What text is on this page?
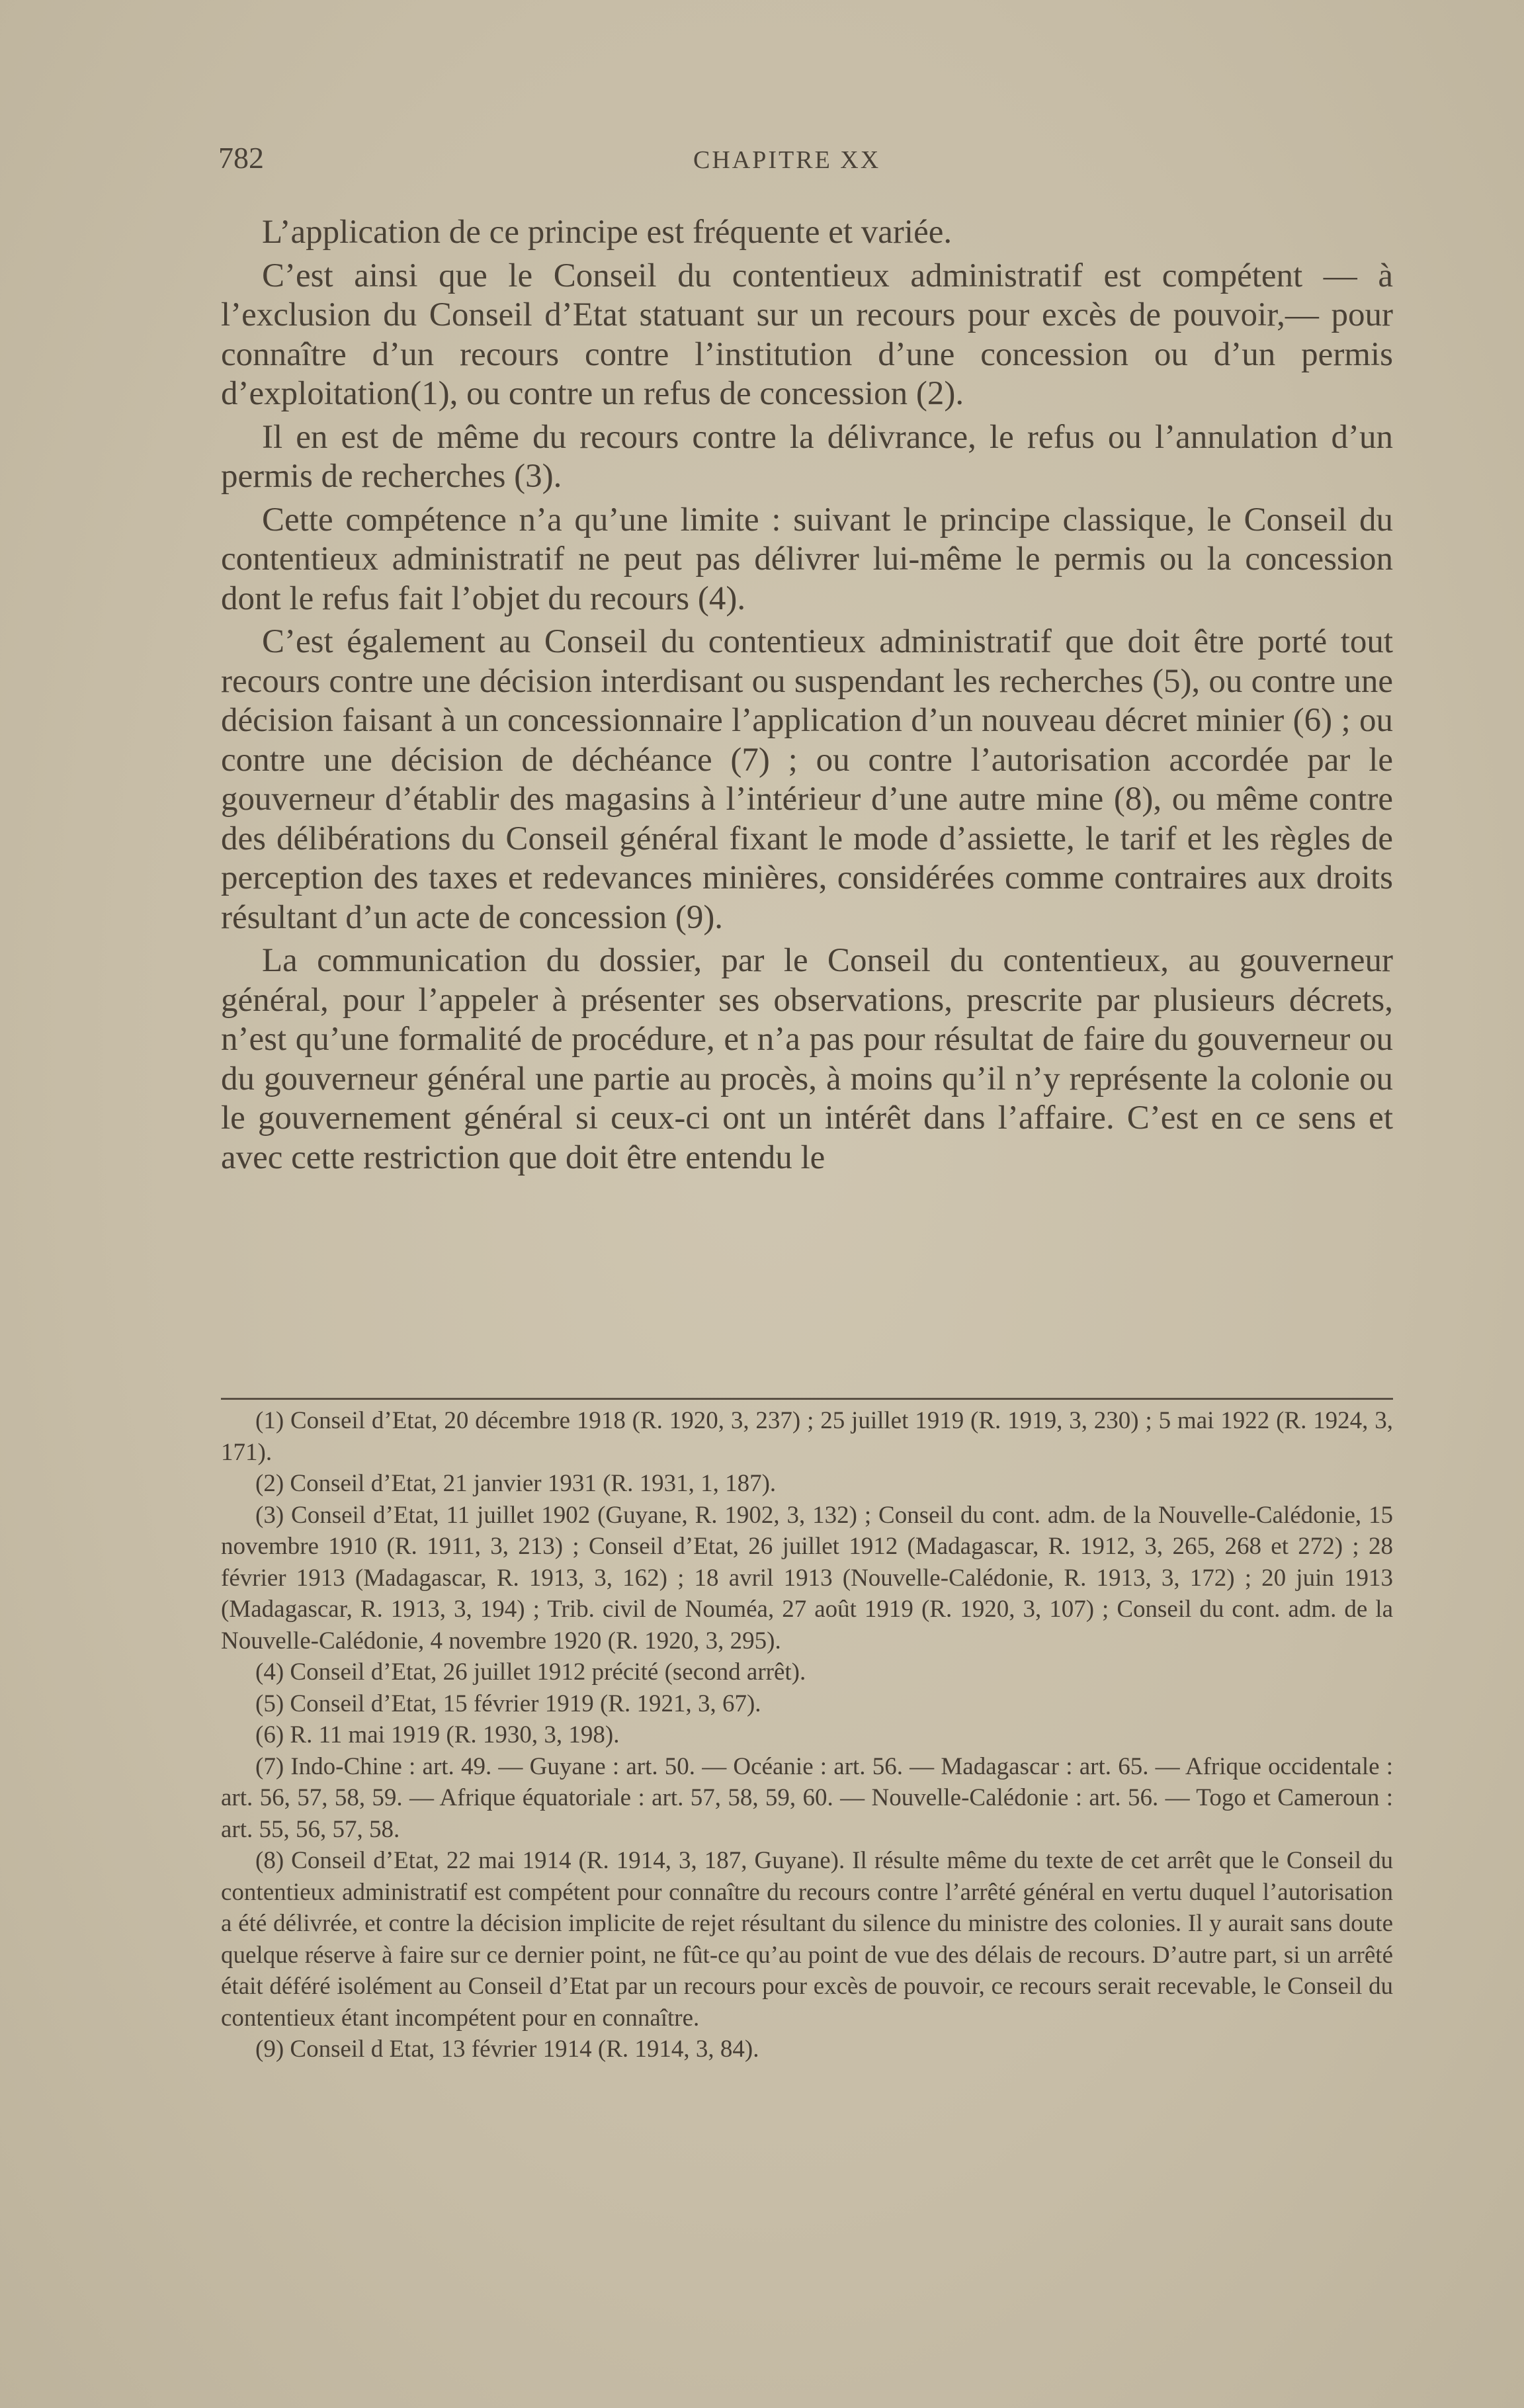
782	CHAPITRE XX

L’application de ce principe est fréquente et variée.

C’est ainsi que le Conseil du contentieux administratif est compétent — à l’exclusion du Conseil d’Etat statuant sur un recours pour excès de pouvoir,— pour connaître d’un recours contre l’institution d’une concession ou d’un permis d’exploitation(1), ou contre un refus de concession (2).

Il en est de même du recours contre la délivrance, le refus ou l’annulation d’un permis de recherches (3).

Cette compétence n’a qu’une limite : suivant le principe classique, le Conseil du contentieux administratif ne peut pas délivrer lui-même le permis ou la concession dont le refus fait l’objet du recours (4).

C’est également au Conseil du contentieux administratif que doit être porté tout recours contre une décision interdisant ou suspendant les recherches (5), ou contre une décision faisant à un concessionnaire l’application d’un nouveau décret minier (6) ; ou contre une décision de déchéance (7) ; ou contre l’autorisation accordée par le gouverneur d’établir des magasins à l’intérieur d’une autre mine (8), ou même contre des délibérations du Conseil général fixant le mode d’assiette, le tarif et les règles de perception des taxes et redevances minières, considérées comme contraires aux droits résultant d’un acte de concession (9).

La communication du dossier, par le Conseil du contentieux, au gouverneur général, pour l’appeler à présenter ses observations, prescrite par plusieurs décrets, n’est qu’une formalité de procédure, et n’a pas pour résultat de faire du gouverneur ou du gouverneur général une partie au procès, à moins qu’il n’y représente la colonie ou le gouvernement général si ceux-ci ont un intérêt dans l’affaire. C’est en ce sens et avec cette restriction que doit être entendu le

(1) Conseil d’Etat, 20 décembre 1918 (R. 1920, 3, 237) ; 25 juillet 1919 (R. 1919, 3, 230) ; 5 mai 1922 (R. 1924, 3, 171).

(2) Conseil d’Etat, 21 janvier 1931 (R. 1931, 1, 187).

(3) Conseil d’Etat, 11 juillet 1902 (Guyane, R. 1902, 3, 132) ; Conseil du cont. adm. de la Nouvelle-Calédonie, 15 novembre 1910 (R. 1911, 3, 213) ; Conseil d’Etat, 26 juillet 1912 (Madagascar, R. 1912, 3, 265, 268 et 272) ; 28 février 1913 (Madagascar, R. 1913, 3, 162) ; 18 avril 1913 (Nouvelle-Calédonie, R. 1913, 3, 172) ; 20 juin 1913 (Madagascar, R. 1913, 3, 194) ; Trib. civil de Nouméa, 27 août 1919 (R. 1920, 3, 107) ; Conseil du cont. adm. de la Nouvelle-Calédonie, 4 novembre 1920 (R. 1920, 3, 295).

(4) Conseil d’Etat, 26 juillet 1912 précité (second arrêt).

(5) Conseil d’Etat, 15 février 1919 (R. 1921, 3, 67).

(6) R. 11 mai 1919 (R. 1930, 3, 198).

(7) Indo-Chine : art. 49. — Guyane : art. 50. — Océanie : art. 56. — Madagascar : art. 65. — Afrique occidentale : art. 56, 57, 58, 59. — Afrique équatoriale : art. 57, 58, 59, 60. — Nouvelle-Calédonie : art. 56. — Togo et Cameroun : art. 55, 56, 57, 58.

(8) Conseil d’Etat, 22 mai 1914 (R. 1914, 3, 187, Guyane). Il résulte même du texte de cet arrêt que le Conseil du contentieux administratif est compétent pour connaître du recours contre l’arrêté général en vertu duquel l’autorisation a été délivrée, et contre la décision implicite de rejet résultant du silence du ministre des colonies. Il y aurait sans doute quelque réserve à faire sur ce dernier point, ne fût-ce qu’au point de vue des délais de recours. D’autre part, si un arrêté était déféré isolément au Conseil d’Etat par un recours pour excès de pouvoir, ce recours serait recevable, le Conseil du contentieux étant incompétent pour en connaître.

(9) Conseil d Etat, 13 février 1914 (R. 1914, 3, 84).
